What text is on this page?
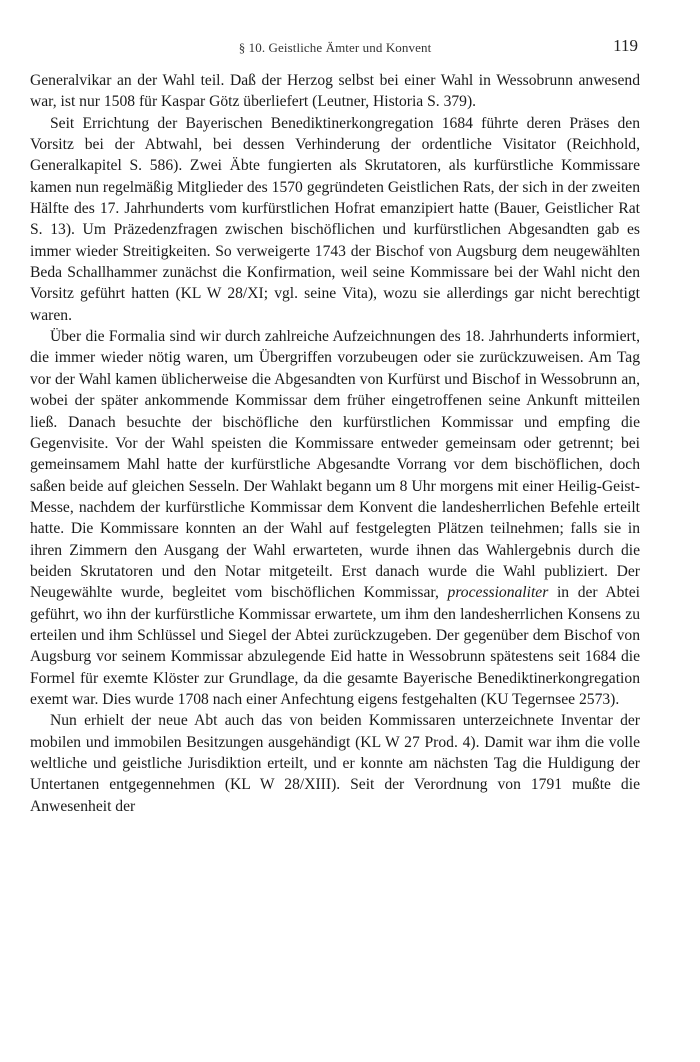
§ 10. Geistliche Ämter und Konvent	119

Generalvikar an der Wahl teil. Daß der Herzog selbst bei einer Wahl in Wessobrunn anwesend war, ist nur 1508 für Kaspar Götz überliefert (Leutner, Historia S. 379).

Seit Errichtung der Bayerischen Benediktinerkongregation 1684 führte deren Präses den Vorsitz bei der Abtwahl, bei dessen Verhinderung der ordentliche Visitator (Reichhold, Generalkapitel S. 586). Zwei Äbte fungierten als Skrutatoren, als kurfürstliche Kommissare kamen nun regelmäßig Mitglieder des 1570 gegründeten Geistlichen Rats, der sich in der zweiten Hälfte des 17. Jahrhunderts vom kurfürstlichen Hofrat emanzipiert hatte (Bauer, Geistlicher Rat S. 13). Um Präzedenzfragen zwischen bischöflichen und kurfürstlichen Abgesandten gab es immer wieder Streitigkeiten. So verweigerte 1743 der Bischof von Augsburg dem neugewählten Beda Schallhammer zunächst die Konfirmation, weil seine Kommissare bei der Wahl nicht den Vorsitz geführt hatten (KL W 28/XI; vgl. seine Vita), wozu sie allerdings gar nicht berechtigt waren.

Über die Formalia sind wir durch zahlreiche Aufzeichnungen des 18. Jahrhunderts informiert, die immer wieder nötig waren, um Übergriffen vorzubeugen oder sie zurückzuweisen. Am Tag vor der Wahl kamen üblicherweise die Abgesandten von Kurfürst und Bischof in Wessobrunn an, wobei der später ankommende Kommissar dem früher eingetroffenen seine Ankunft mitteilen ließ. Danach besuchte der bischöfliche den kurfürstlichen Kommissar und empfing die Gegenvisite. Vor der Wahl speisten die Kommissare entweder gemeinsam oder getrennt; bei gemeinsamem Mahl hatte der kurfürstliche Abgesandte Vorrang vor dem bischöflichen, doch saßen beide auf gleichen Sesseln. Der Wahlakt begann um 8 Uhr morgens mit einer Heilig-Geist-Messe, nachdem der kurfürstliche Kommissar dem Konvent die landesherrlichen Befehle erteilt hatte. Die Kommissare konnten an der Wahl auf festgelegten Plätzen teilnehmen; falls sie in ihren Zimmern den Ausgang der Wahl erwarteten, wurde ihnen das Wahlergebnis durch die beiden Skrutatoren und den Notar mitgeteilt. Erst danach wurde die Wahl publiziert. Der Neugewählte wurde, begleitet vom bischöflichen Kommissar, processionaliter in der Abtei geführt, wo ihn der kurfürstliche Kommissar erwartete, um ihm den landesherrlichen Konsens zu erteilen und ihm Schlüssel und Siegel der Abtei zurückzugeben. Der gegenüber dem Bischof von Augsburg vor seinem Kommissar abzulegende Eid hatte in Wessobrunn spätestens seit 1684 die Formel für exemte Klöster zur Grundlage, da die gesamte Bayerische Benediktinerkongregation exemt war. Dies wurde 1708 nach einer Anfechtung eigens festgehalten (KU Tegernsee 2573).

Nun erhielt der neue Abt auch das von beiden Kommissaren unterzeichnete Inventar der mobilen und immobilen Besitzungen ausgehändigt (KL W 27 Prod. 4). Damit war ihm die volle weltliche und geistliche Jurisdiktion erteilt, und er konnte am nächsten Tag die Huldigung der Untertanen entgegennehmen (KL W 28/XIII). Seit der Verordnung von 1791 mußte die Anwesenheit der
